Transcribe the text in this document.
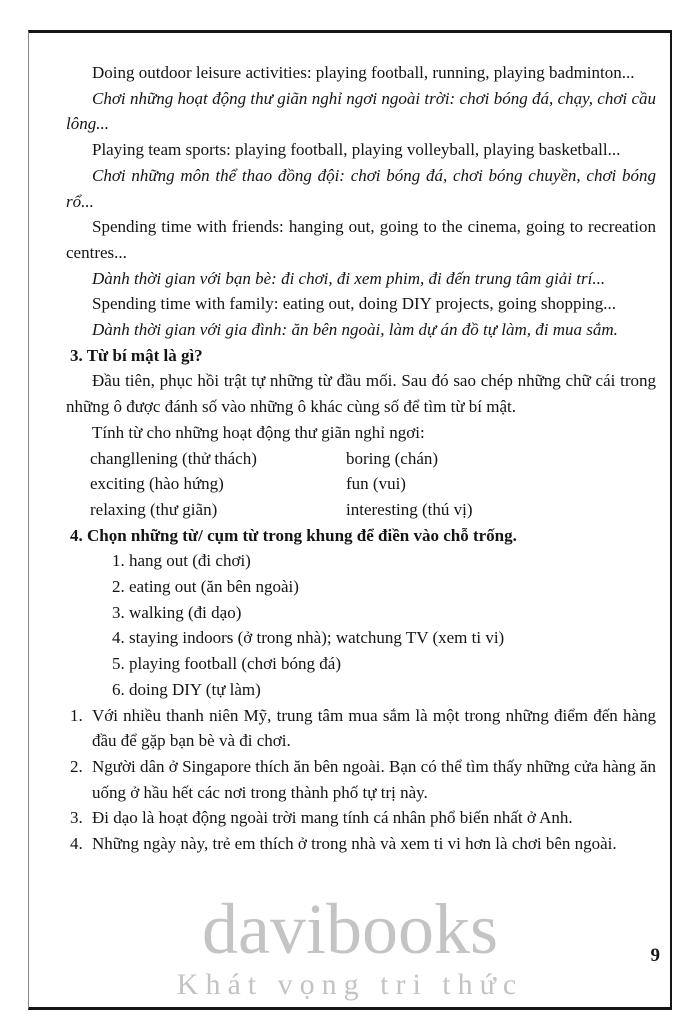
Doing outdoor leisure activities: playing football, running, playing badminton...

Chơi những hoạt động thư giãn nghỉ ngơi ngoài trời: chơi bóng đá, chạy, chơi cầu lông...

Playing team sports: playing football, playing volleyball, playing basketball...

Chơi những môn thể thao đồng đội: chơi bóng đá, chơi bóng chuyền, chơi bóng rổ...

Spending time with friends: hanging out, going to the cinema, going to recreation centres...

Dành thời gian với bạn bè: đi chơi, đi xem phim, đi đến trung tâm giải trí...

Spending time with family: eating out, doing DIY projects, going shopping...

Dành thời gian với gia đình: ăn bên ngoài, làm dự án đồ tự làm, đi mua sắm.

3. Từ bí mật là gì?

Đầu tiên, phục hồi trật tự những từ đầu mối. Sau đó sao chép những chữ cái trong những ô được đánh số vào những ô khác cùng số để tìm từ bí mật.

Tính từ cho những hoạt động thư giãn nghỉ ngơi:

changllening (thử thách)	boring (chán)
exciting (hào hứng)	fun (vui)
relaxing (thư giãn)	interesting (thú vị)

4. Chọn những từ/ cụm từ trong khung để điền vào chỗ trống.

1. hang out (đi chơi)
2. eating out (ăn bên ngoài)
3. walking (đi dạo)
4. staying indoors (ở trong nhà); watchung TV (xem ti vi)
5. playing football (chơi bóng đá)
6. doing DIY (tự làm)
1. Với nhiều thanh niên Mỹ, trung tâm mua sắm là một trong những điểm đến hàng đầu để gặp bạn bè và đi chơi.
2. Người dân ở Singapore thích ăn bên ngoài. Bạn có thể tìm thấy những cửa hàng ăn uống ở hầu hết các nơi trong thành phố tự trị này.
3. Đi dạo là hoạt động ngoài trời mang tính cá nhân phổ biến nhất ở Anh.
4. Những ngày này, trẻ em thích ở trong nhà và xem ti vi hơn là chơi bên ngoài.
davibooks
Khát vọng tri thức
9
